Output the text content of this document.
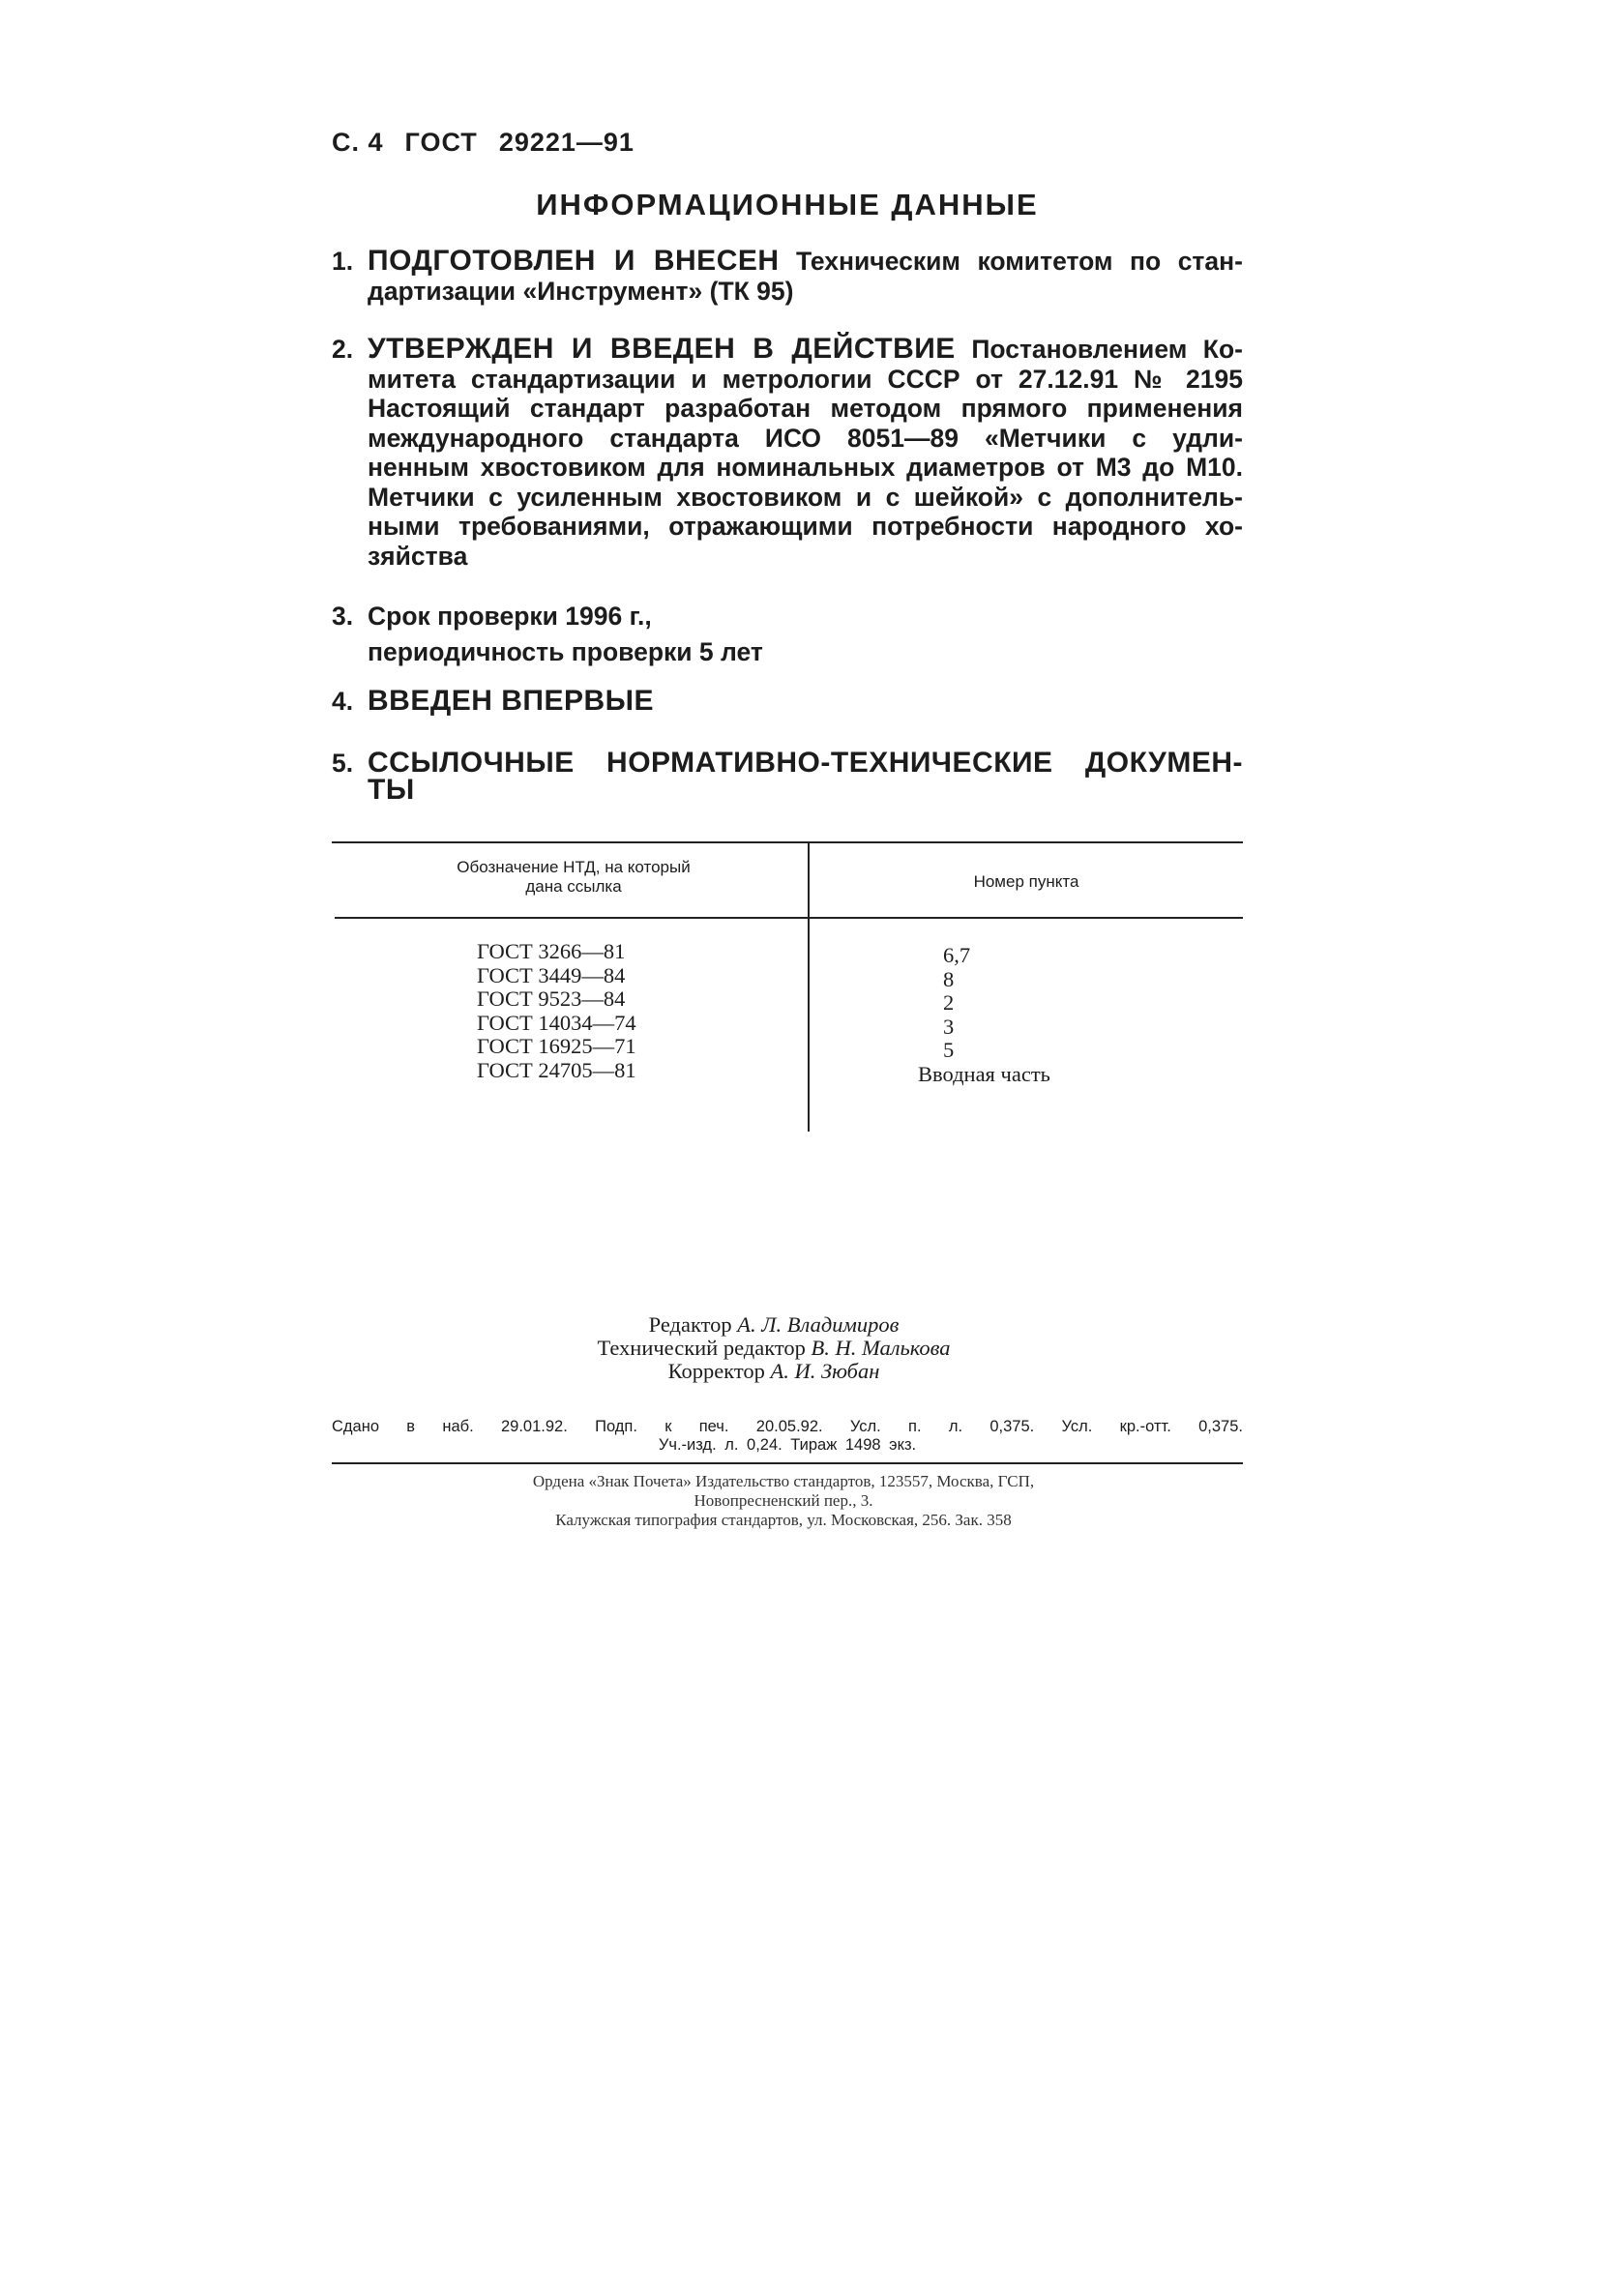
С. 4 ГОСТ 29221—91
ИНФОРМАЦИОННЫЕ ДАННЫЕ
1. ПОДГОТОВЛЕН И ВНЕСЕН Техническим комитетом по стан-
дартизации «Инструмент» (ТК 95)
2. УТВЕРЖДЕН И ВВЕДЕН В ДЕЙСТВИЕ Постановлением Ко-
митета стандартизации и метрологии СССР от 27.12.91 № 2195
Настоящий стандарт разработан методом прямого применения
международного стандарта ИСО 8051—89 «Метчики с удли-
ненным хвостовиком для номинальных диаметров от М3 до М10.
Метчики с усиленным хвостовиком и с шейкой» с дополнитель-
ными требованиями, отражающими потребности народного хо-
зяйства
3. Срок проверки 1996 г.,
периодичность проверки 5 лет
4. ВВЕДЕН ВПЕРВЫЕ
5. ССЫЛОЧНЫЕ НОРМАТИВНО-ТЕХНИЧЕСКИЕ ДОКУМЕН-
ТЫ
Обозначение НТД, на который
дана ссылка	Номер пункта
ГОСТ 3266—81
ГОСТ 3449—84
ГОСТ 9523—84
ГОСТ 14034—74
ГОСТ 16925—71
ГОСТ 24705—81
6,7
8
2
3
5
Вводная часть
Редактор А. Л. Владимиров
Технический редактор В. Н. Малькова
Корректор А. И. Зюбан
Сдано в наб. 29.01.92. Подп. к печ. 20.05.92. Усл. п. л. 0,375. Усл. кр.-отт. 0,375.
Уч.-изд. л. 0,24. Тираж 1498 экз.
Ордена «Знак Почета» Издательство стандартов, 123557, Москва, ГСП,
Новопресненский пер., 3.
Калужская типография стандартов, ул. Московская, 256. Зак. 358
